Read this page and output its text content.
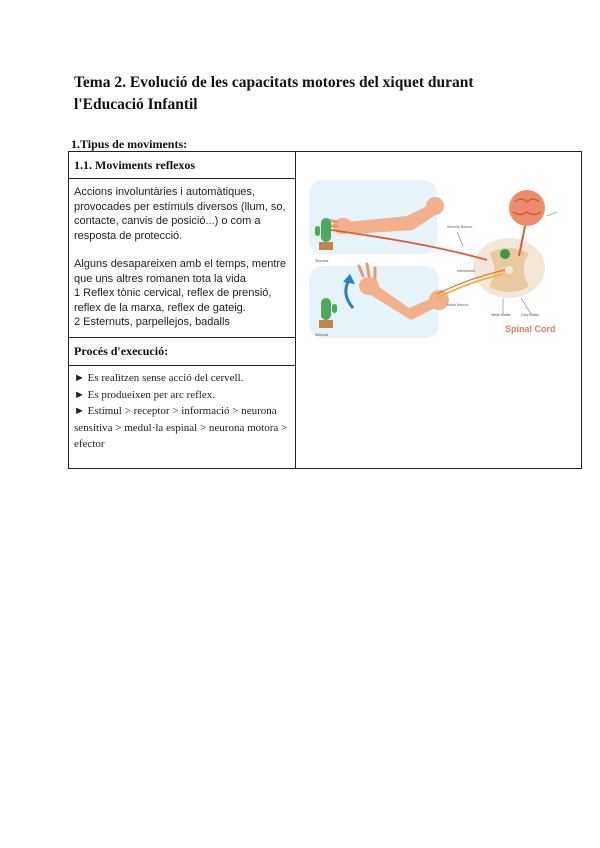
Tema 2. Evolució de les capacitats motores del xiquet durant
l'Educació Infantil
1.Tipus de moviments:
1.1. Moviments reflexos

Accions involuntàries i automàtiques, provocades per estímuls diversos (llum, so, contacte, canvis de posició...) o com a resposta de protecció.

Alguns desapareixen amb el temps, mentre que uns altres romanen tota la vida

1 Reflex tònic cervical, reflex de prensió, reflex de la marxa, reflex de gateig.

2 Esternuts, parpellejos, badalls

Procés d'execució:

► Es realitzen sense acció del cervell.

► Es produeixen per arc reflex.

► Estímul > receptor > informació > neurona sensitiva > medul·la espinal > neurona motora > efector

Stimulus
Stimulus
White Matter	Grey Matter
Motor Neuron
Interneuron
Sensory Neuron
Spinal Cord
